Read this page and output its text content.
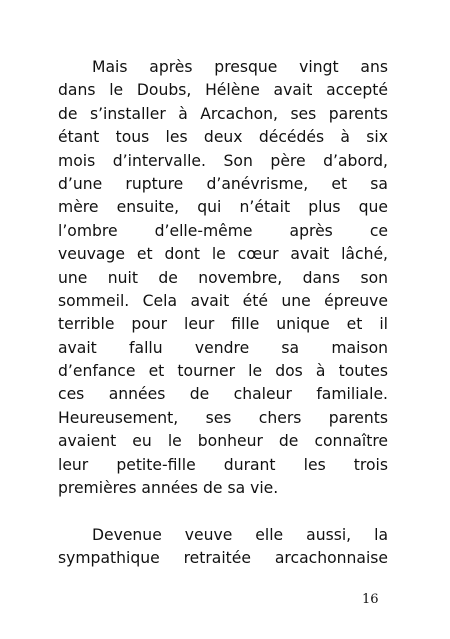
Mais après presque vingt ans
dans le Doubs, Hélène avait accepté
de s’installer à Arcachon, ses parents
étant tous les deux décédés à six
mois d’intervalle. Son père d’abord,
d’une rupture d’anévrisme, et sa
mère ensuite, qui n’était plus que
l’ombre d’elle-même après ce
veuvage et dont le cœur avait lâché,
une nuit de novembre, dans son
sommeil. Cela avait été une épreuve
terrible pour leur fille unique et il
avait fallu vendre sa maison
d’enfance et tourner le dos à toutes
ces années de chaleur familiale.
Heureusement, ses chers parents
avaient eu le bonheur de connaître
leur petite-fille durant les trois
premières années de sa vie.
Devenue veuve elle aussi, la
sympathique retraitée arcachonnaise
16
